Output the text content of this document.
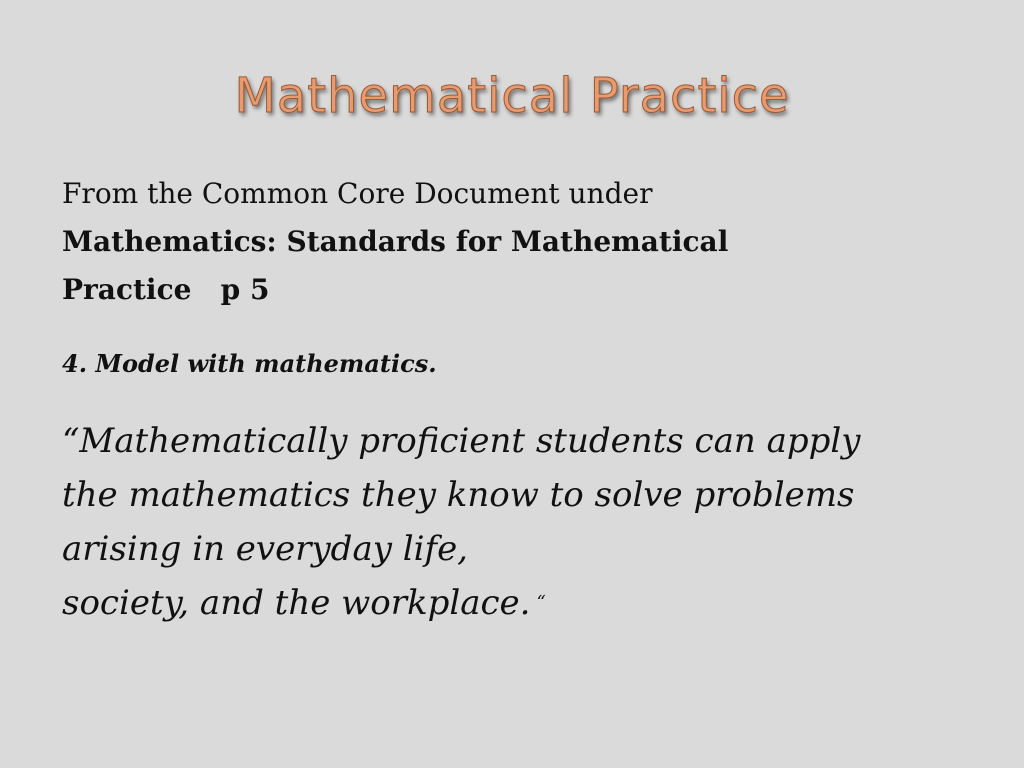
Mathematical Practice

From the Common Core Document under
Mathematics: Standards for Mathematical
Practice   p 5

4. Model with mathematics.

“Mathematically proficient students can apply
the mathematics they know to solve problems
arising in everyday life,
society, and the workplace. “
